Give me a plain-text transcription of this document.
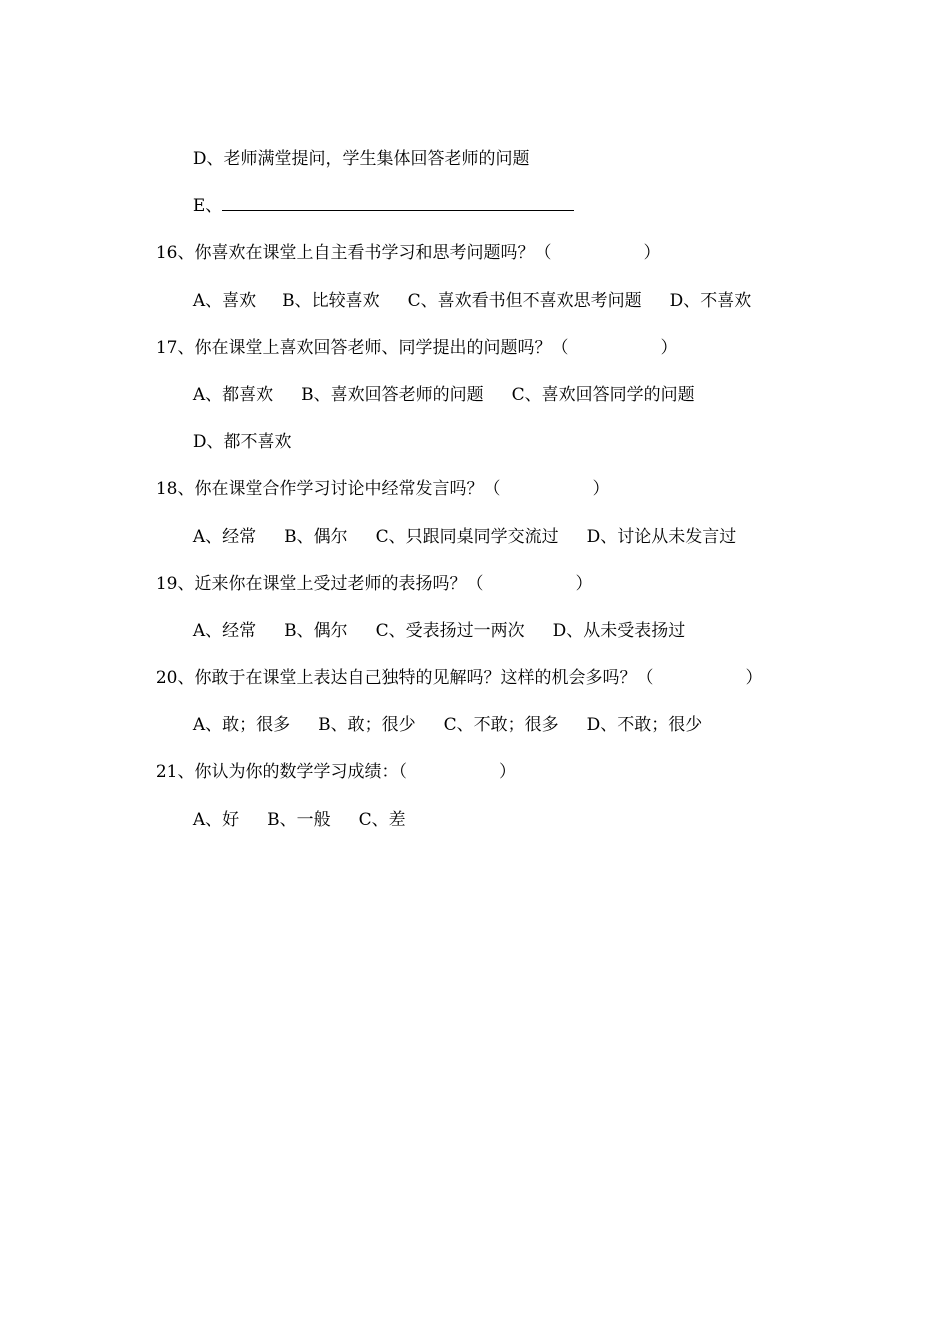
D、老师满堂提问，学生集体回答老师的问题

E、

16、你喜欢在课堂上自主看书学习和思考问题吗？（	）

A、喜欢 B、比较喜欢 C、喜欢看书但不喜欢思考问题 D、不喜欢

17、你在课堂上喜欢回答老师、同学提出的问题吗？（	）

A、都喜欢 B、喜欢回答老师的问题 C、喜欢回答同学的问题

D、都不喜欢

18、你在课堂合作学习讨论中经常发言吗？（	）

A、经常 B、偶尔 C、只跟同桌同学交流过 D、讨论从未发言过

19、近来你在课堂上受过老师的表扬吗？（	）

A、经常 B、偶尔 C、受表扬过一两次 D、从未受表扬过

20、你敢于在课堂上表达自己独特的见解吗？这样的机会多吗？（	）

A、敢；很多 B、敢；很少 C、不敢；很多 D、不敢；很少

21、你认为你的数学学习成绩：（	）

A、好 B、一般 C、差
